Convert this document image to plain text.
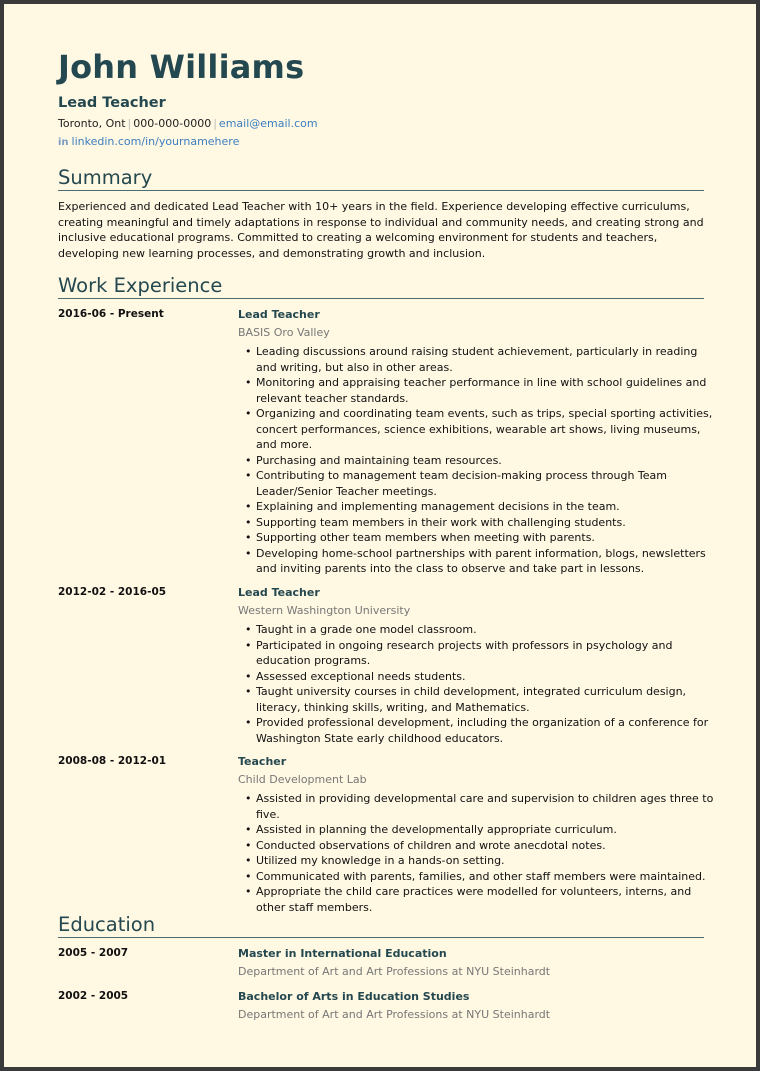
John Williams
Lead Teacher
Toronto, Ont | 000-000-0000 | email@email.com
in linkedin.com/in/yournamehere
Summary
Experienced and dedicated Lead Teacher with 10+ years in the field. Experience developing effective curriculums, creating meaningful and timely adaptations in response to individual and community needs, and creating strong and inclusive educational programs. Committed to creating a welcoming environment for students and teachers, developing new learning processes, and demonstrating growth and inclusion.
Work Experience
2016-06 - Present	Lead Teacher
BASIS Oro Valley
• Leading discussions around raising student achievement, particularly in reading and writing, but also in other areas.
• Monitoring and appraising teacher performance in line with school guidelines and relevant teacher standards.
• Organizing and coordinating team events, such as trips, special sporting activities, concert performances, science exhibitions, wearable art shows, living museums, and more.
• Purchasing and maintaining team resources.
• Contributing to management team decision-making process through Team Leader/Senior Teacher meetings.
• Explaining and implementing management decisions in the team.
• Supporting team members in their work with challenging students.
• Supporting other team members when meeting with parents.
• Developing home-school partnerships with parent information, blogs, newsletters and inviting parents into the class to observe and take part in lessons.
2012-02 - 2016-05	Lead Teacher
Western Washington University
• Taught in a grade one model classroom.
• Participated in ongoing research projects with professors in psychology and education programs.
• Assessed exceptional needs students.
• Taught university courses in child development, integrated curriculum design, literacy, thinking skills, writing, and Mathematics.
• Provided professional development, including the organization of a conference for Washington State early childhood educators.
2008-08 - 2012-01	Teacher
Child Development Lab
• Assisted in providing developmental care and supervision to children ages three to five.
• Assisted in planning the developmentally appropriate curriculum.
• Conducted observations of children and wrote anecdotal notes.
• Utilized my knowledge in a hands-on setting.
• Communicated with parents, families, and other staff members were maintained.
• Appropriate the child care practices were modelled for volunteers, interns, and other staff members.
Education
2005 - 2007	Master in International Education
Department of Art and Art Professions at NYU Steinhardt
2002 - 2005	Bachelor of Arts in Education Studies
Department of Art and Art Professions at NYU Steinhardt
